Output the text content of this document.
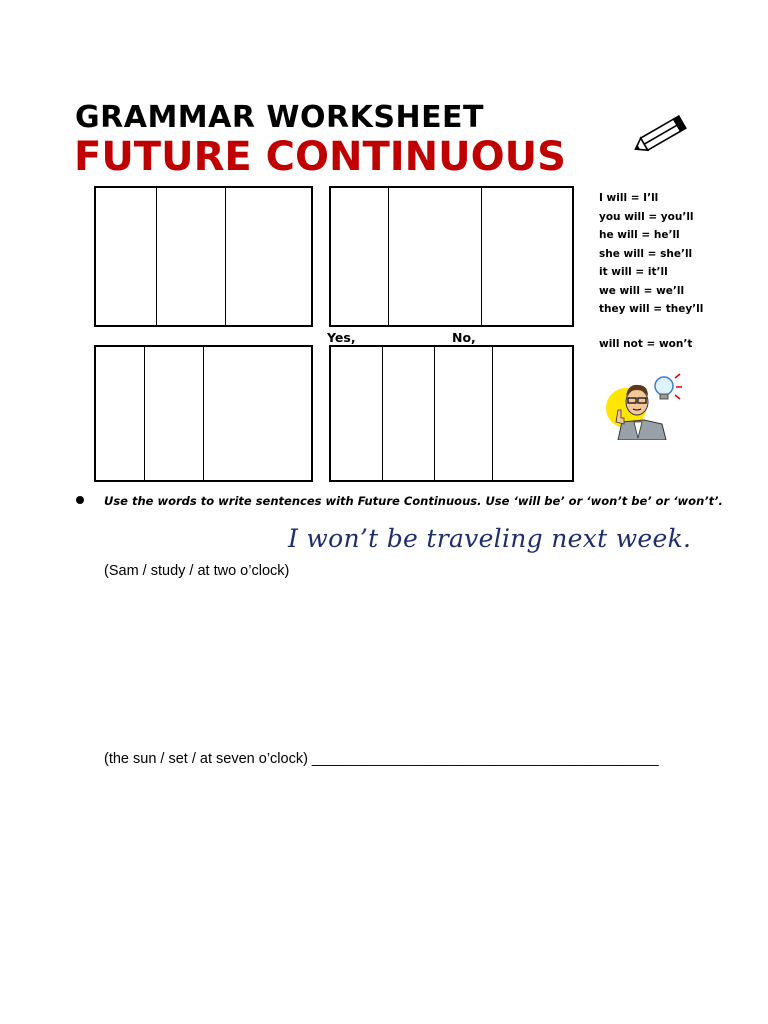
GRAMMAR WORKSHEET
FUTURE CONTINUOUS
Yes,	No,
I will = I’ll
you will = you’ll
he will = he’ll
she will = she’ll
it will = it’ll
we will = we’ll
they will = they’ll
will not = won’t
Use the words to write sentences with Future Continuous. Use ‘will be’ or ‘won’t be’ or ‘won’t’.
I won’t be traveling next week.
(Sam / study / at two o’clock)
(the sun / set / at seven o’clock) ___________________________________________
